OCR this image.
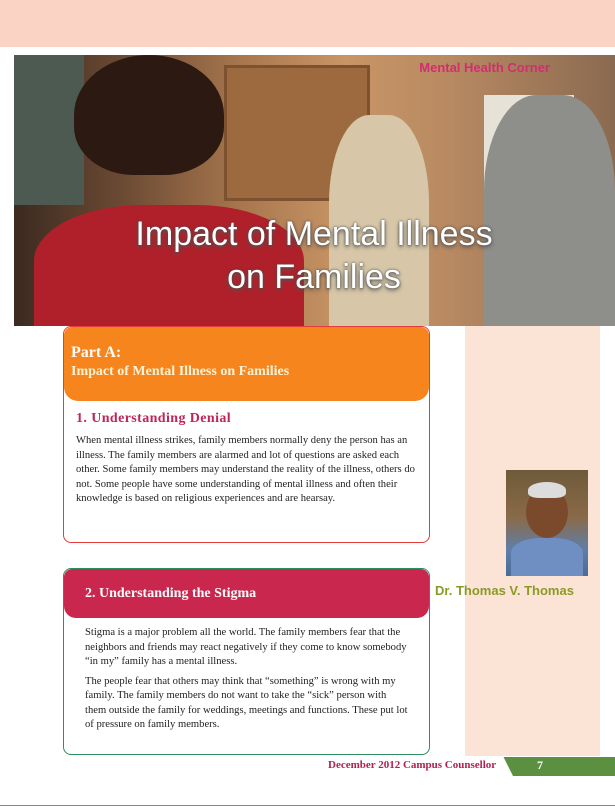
Mental Health Corner
Impact of Mental Illness
on Families
Dr. Thomas V. Thomas
Part A:
Impact of Mental Illness on Families
1. Understanding Denial

When mental illness strikes, family members normally deny the person has an illness. The family members are alarmed and lot of questions are asked each other. Some family members may understand the reality of the illness, others do not. Some people have some understanding of mental illness and often their knowledge is based on religious experiences and are hearsay.

2. Understanding the Stigma

Stigma is a major problem all the world. The family members fear that the neighbors and friends may react negatively if they come to know somebody “in my” family has a mental illness.

The people fear that others may think that “something” is wrong with my family. The family members do not want to take the “sick” person with them outside the family for weddings, meetings and functions. These put lot of pressure on family members.

December 2012 Campus Counsellor	7
